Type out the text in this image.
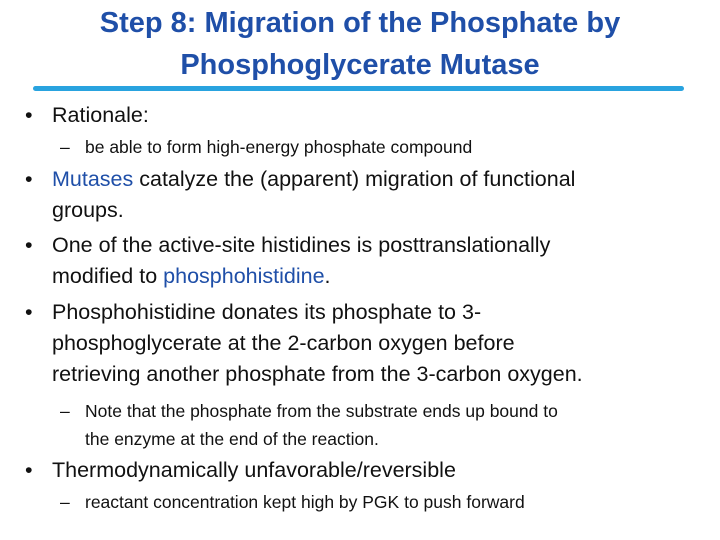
Step 8: Migration of the Phosphate by
Phosphoglycerate Mutase
• Rationale:
– be able to form high-energy phosphate compound
• Mutases catalyze the (apparent) migration of functional
groups.
• One of the active-site histidines is posttranslationally
modified to phosphohistidine.
• Phosphohistidine donates its phosphate to 3-
phosphoglycerate at the 2-carbon oxygen before
retrieving another phosphate from the 3-carbon oxygen.
– Note that the phosphate from the substrate ends up bound to
the enzyme at the end of the reaction.
• Thermodynamically unfavorable/reversible
– reactant concentration kept high by PGK to push forward
